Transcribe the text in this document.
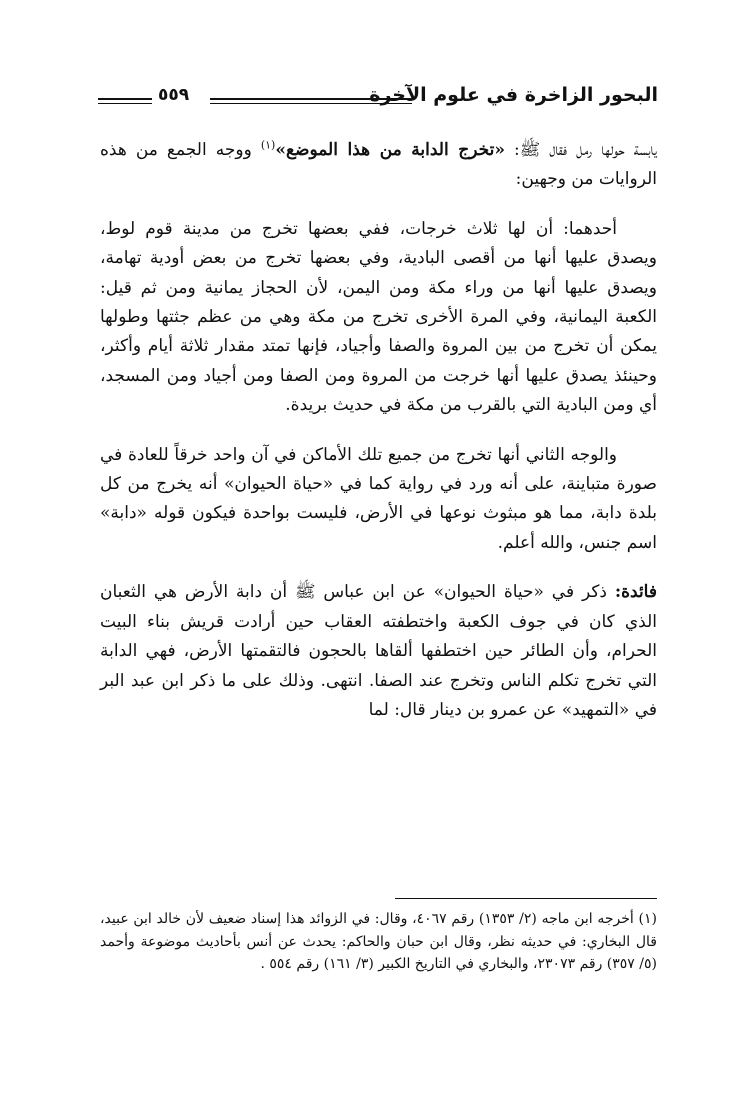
البحور الزاخرة في علوم الآخرة
٥٥٩

يابسة حولها رمل فقال ﷺ: «تخرج الدابة من هذا الموضع»$^{(١)}$ ووجه الجمع من هذه الروايات من وجهين:

أحدهما: أن لها ثلاث خرجات، ففي بعضها تخرج من مدينة قوم لوط، ويصدق عليها أنها من أقصى البادية، وفي بعضها تخرج من بعض أودية تهامة، ويصدق عليها أنها من وراء مكة ومن اليمن، لأن الحجاز يمانية ومن ثم قيل: الكعبة اليمانية، وفي المرة الأخرى تخرج من مكة وهي من عظم جثتها وطولها يمكن أن تخرج من بين المروة والصفا وأجياد، فإنها تمتد مقدار ثلاثة أيام وأكثر، وحينئذ يصدق عليها أنها خرجت من المروة ومن الصفا ومن أجياد ومن المسجد، أي ومن البادية التي بالقرب من مكة في حديث بريدة.

والوجه الثاني أنها تخرج من جميع تلك الأماكن في آن واحد خرقاً للعادة في صورة متباينة، على أنه ورد في رواية كما في «حياة الحيوان» أنه يخرج من كل بلدة دابة، مما هو مبثوث نوعها في الأرض، فليست بواحدة فيكون قوله «دابة» اسم جنس، والله أعلم.

فائدة: ذكر في «حياة الحيوان» عن ابن عباس ﷺ أن دابة الأرض هي الثعبان الذي كان في جوف الكعبة واختطفته العقاب حين أرادت قريش بناء البيت الحرام، وأن الطائر حين اختطفها ألقاها بالحجون فالتقمتها الأرض، فهي الدابة التي تخرج تكلم الناس وتخرج عند الصفا. انتهى. وذلك على ما ذكر ابن عبد البر في «التمهيد» عن عمرو بن دينار قال: لما

(١) أخرجه ابن ماجه (٢/ ١٣٥٣) رقم ٤٠٦٧، وقال: في الزوائد هذا إسناد ضعيف لأن خالد ابن عبيد، قال البخاري: في حديثه نظر، وقال ابن حبان والحاكم: يحدث عن أنس بأحاديث موضوعة وأحمد (٥/ ٣٥٧) رقم ٢٣٠٧٣، والبخاري في التاريخ الكبير (٣/ ١٦١) رقم ٥٥٤ .
